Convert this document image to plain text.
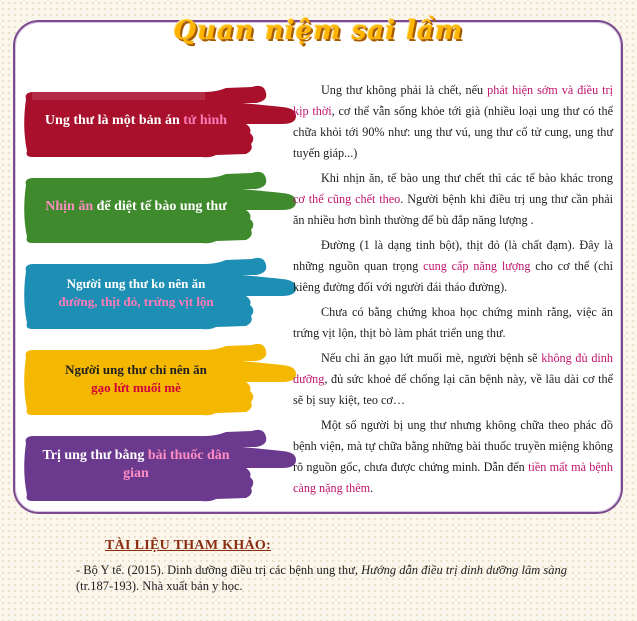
Quan niệm sai lầm
Ung thư là một bản án tử hình
Nhịn ăn để diệt tế bào ung thư
Người ung thư ko nên ăn
đường, thịt đỏ, trứng vịt lộn
Người ung thư chỉ nên ăn
gạo lứt muối mè
Trị ung thư bằng bài thuốc dân gian

Ung thư không phải là chết, nếu phát hiện sớm và điều trị kịp thời, cơ thể vẫn sống khỏe tới già (nhiều loại ung thư có thể chữa khỏi tới 90% như: ung thư vú, ung thư cổ tử cung, ung thư tuyến giáp...)

Khi nhịn ăn, tế bào ung thư chết thì các tế bào khác trong cơ thể cũng chết theo. Người bệnh khi điều trị ung thư cần phải ăn nhiều hơn bình thường để bù đắp năng lượng .

Đường (1 là dạng tinh bột), thịt đỏ (là chất đạm). Đây là những nguồn quan trọng cung cấp năng lượng cho cơ thể (chỉ kiêng đường đối với người đái tháo đường).

Chưa có bằng chứng khoa học chứng minh rằng, việc ăn trứng vịt lộn, thịt bò làm phát triển ung thư.

Nếu chỉ ăn gạo lứt muối mè, người bệnh sẽ không đủ dinh dưỡng, đủ sức khoẻ để chống lại căn bệnh này, về lâu dài cơ thể sẽ bị suy kiệt, teo cơ…

Một số người bị ung thư nhưng không chữa theo phác đồ bệnh viện, mà tự chữa bằng những bài thuốc truyền miệng không rõ nguồn gốc, chưa được chứng minh. Dẫn đến tiền mất mà bệnh càng nặng thêm.

TÀI LIỆU THAM KHẢO:
- Bộ Y tế. (2015). Dinh dưỡng điều trị các bệnh ung thư, Hướng dẫn điều trị dinh dưỡng lâm sàng (tr.187-193). Nhà xuất bản y học.
